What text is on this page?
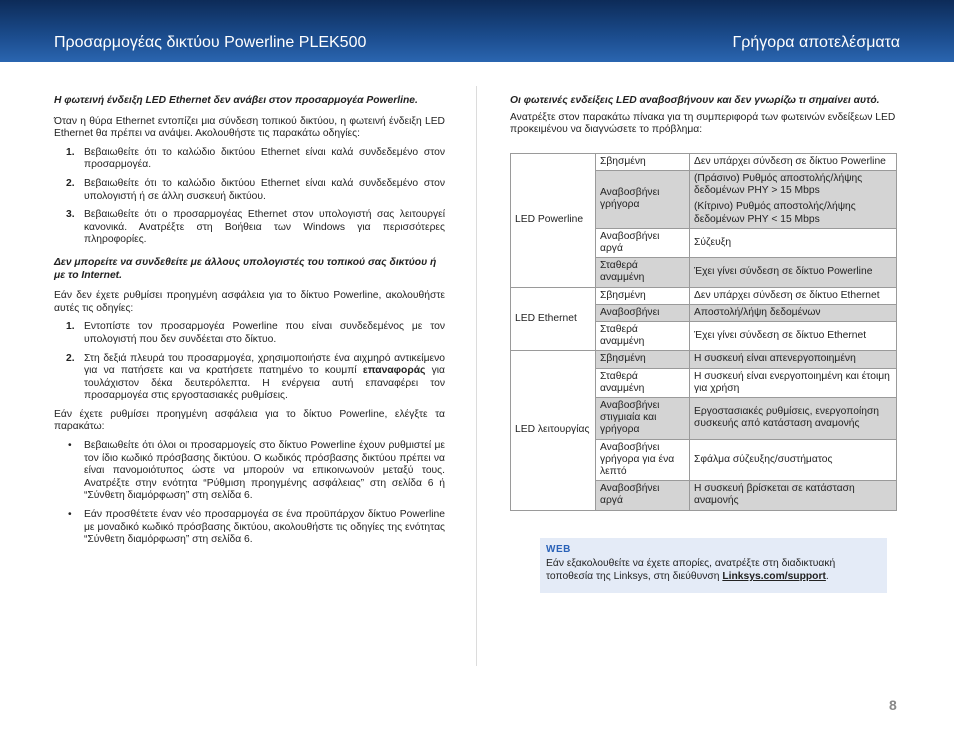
Προσαρμογέας δικτύου Powerline PLEK500	Γρήγορα αποτελέσματα
Η φωτεινή ένδειξη LED Ethernet δεν ανάβει στον προσαρμογέα Powerline.

Όταν η θύρα Ethernet εντοπίζει μια σύνδεση τοπικού δικτύου, η φωτεινή ένδειξη LED Ethernet θα πρέπει να ανάψει. Ακολουθήστε τις παρακάτω οδηγίες:

1. Βεβαιωθείτε ότι το καλώδιο δικτύου Ethernet είναι καλά συνδεδεμένο στον προσαρμογέα.
2. Βεβαιωθείτε ότι το καλώδιο δικτύου Ethernet είναι καλά συνδεδεμένο στον υπολογιστή ή σε άλλη συσκευή δικτύου.
3. Βεβαιωθείτε ότι ο προσαρμογέας Ethernet στον υπολογιστή σας λειτουργεί κανονικά. Ανατρέξτε στη Βοήθεια των Windows για περισσότερες πληροφορίες.
Δεν μπορείτε να συνδεθείτε με άλλους υπολογιστές του τοπικού σας δικτύου ή με το Internet.

Εάν δεν έχετε ρυθμίσει προηγμένη ασφάλεια για το δίκτυο Powerline, ακολουθήστε αυτές τις οδηγίες:

1. Εντοπίστε τον προσαρμογέα Powerline που είναι συνδεδεμένος με τον υπολογιστή που δεν συνδέεται στο δίκτυο.
2. Στη δεξιά πλευρά του προσαρμογέα, χρησιμοποιήστε ένα αιχμηρό αντικείμενο για να πατήσετε και να κρατήσετε πατημένο το κουμπί επαναφοράς για τουλάχιστον δέκα δευτερόλεπτα. Η ενέργεια αυτή επαναφέρει τον προσαρμογέα στις εργοστασιακές ρυθμίσεις.

Εάν έχετε ρυθμίσει προηγμένη ασφάλεια για το δίκτυο Powerline, ελέγξτε τα παρακάτω:

• Βεβαιωθείτε ότι όλοι οι προσαρμογείς στο δίκτυο Powerline έχουν ρυθμιστεί με τον ίδιο κωδικό πρόσβασης δικτύου. Ο κωδικός πρόσβασης δικτύου πρέπει να είναι πανομοιότυπος ώστε να μπορούν να επικοινωνούν μεταξύ τους. Ανατρέξτε στην ενότητα “Ρύθμιση προηγμένης ασφάλειας” στη σελίδα 6 ή “Σύνθετη διαμόρφωση” στη σελίδα 6.
• Εάν προσθέτετε έναν νέο προσαρμογέα σε ένα προϋπάρχον δίκτυο Powerline με μοναδικό κωδικό πρόσβασης δικτύου, ακολουθήστε τις οδηγίες της ενότητας “Σύνθετη διαμόρφωση” στη σελίδα 6.
Οι φωτεινές ενδείξεις LED αναβοσβήνουν και δεν γνωρίζω τι σημαίνει αυτό.

Ανατρέξτε στον παρακάτω πίνακα για τη συμπεριφορά των φωτεινών ενδείξεων LED προκειμένου να διαγνώσετε το πρόβλημα:

LED Powerline	Σβησμένη	Δεν υπάρχει σύνδεση σε δίκτυο Powerline
	Αναβοσβήνει γρήγορα	(Πράσινο) Ρυθμός αποστολής/λήψης δεδομένων PHY > 15 Mbps
		(Κίτρινο) Ρυθμός αποστολής/λήψης δεδομένων PHY < 15 Mbps
	Αναβοσβήνει αργά	Σύζευξη
	Σταθερά αναμμένη	Έχει γίνει σύνδεση σε δίκτυο Powerline
LED Ethernet	Σβησμένη	Δεν υπάρχει σύνδεση σε δίκτυο Ethernet
	Αναβοσβήνει	Αποστολή/λήψη δεδομένων
	Σταθερά αναμμένη	Έχει γίνει σύνδεση σε δίκτυο Ethernet
LED λειτουργίας	Σβησμένη	Η συσκευή είναι απενεργοποιημένη
	Σταθερά αναμμένη	Η συσκευή είναι ενεργοποιημένη και έτοιμη για χρήση
	Αναβοσβήνει στιγμιαία και γρήγορα	Εργοστασιακές ρυθμίσεις, ενεργοποίηση συσκευής από κατάσταση αναμονής
	Αναβοσβήνει γρήγορα για ένα λεπτό	Σφάλμα σύζευξης/συστήματος
	Αναβοσβήνει αργά	Η συσκευή βρίσκεται σε κατάσταση αναμονής
WEB
Εάν εξακολουθείτε να έχετε απορίες, ανατρέξτε στη διαδικτυακή τοποθεσία της Linksys, στη διεύθυνση Linksys.com/support.
8
